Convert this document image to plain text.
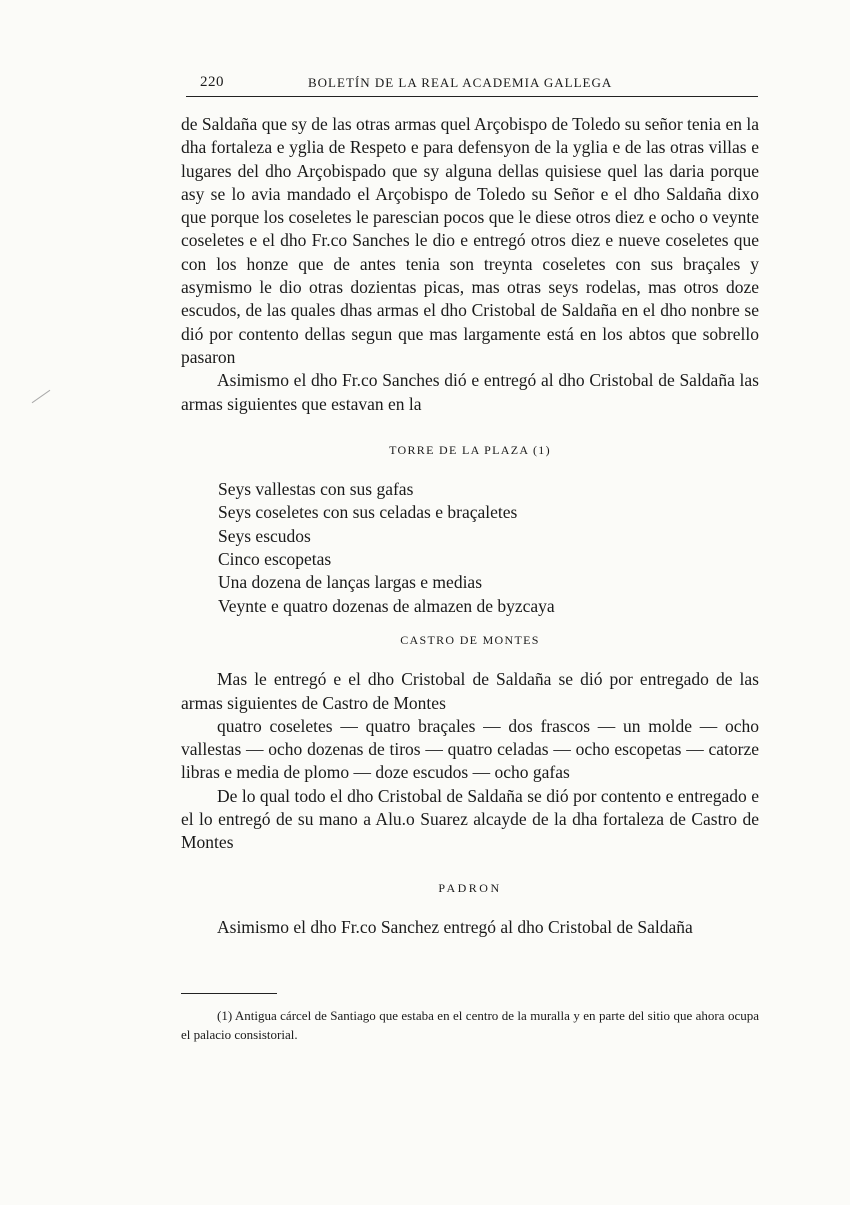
220	BOLETÍN DE LA REAL ACADEMIA GALLEGA

de Saldaña que sy de las otras armas quel Arçobispo de Toledo su señor tenia en la dha fortaleza e yglia de Respeto e para defensyon de la yglia e de las otras villas e lugares del dho Arçobispado que sy alguna dellas quisiese quel las daria porque asy se lo avia mandado el Arçobispo de Toledo su Señor e el dho Saldaña dixo que porque los coseletes le parescian pocos que le diese otros diez e ocho o veynte coseletes e el dho Fr.co Sanches le dio e entregó otros diez e nueve coseletes que con los honze que de antes tenia son treynta coseletes con sus braçales y asymismo le dio otras dozientas picas, mas otras seys rodelas, mas otros doze escudos, de las quales dhas armas el dho Cristobal de Saldaña en el dho nonbre se dió por contento dellas segun que mas largamente está en los abtos que sobrello pasaron

Asimismo el dho Fr.co Sanches dió e entregó al dho Cristobal de Saldaña las armas siguientes que estavan en la

TORRE DE LA PLAZA (1)
Seys vallestas con sus gafas
Seys coseletes con sus celadas e braçaletes
Seys escudos
Cinco escopetas
Una dozena de lanças largas e medias
Veynte e quatro dozenas de almazen de byzcaya
CASTRO DE MONTES

Mas le entregó e el dho Cristobal de Saldaña se dió por entregado de las armas siguientes de Castro de Montes

quatro coseletes — quatro braçales — dos frascos — un molde — ocho vallestas — ocho dozenas de tiros — quatro celadas — ocho escopetas — catorze libras e media de plomo — doze escudos — ocho gafas

De lo qual todo el dho Cristobal de Saldaña se dió por contento e entregado e el lo entregó de su mano a Alu.o Suarez alcayde de la dha fortaleza de Castro de Montes

PADRON

Asimismo el dho Fr.co Sanchez entregó al dho Cristobal de Saldaña

(1) Antigua cárcel de Santiago que estaba en el centro de la muralla y en parte del sitio que ahora ocupa el palacio consistorial.
